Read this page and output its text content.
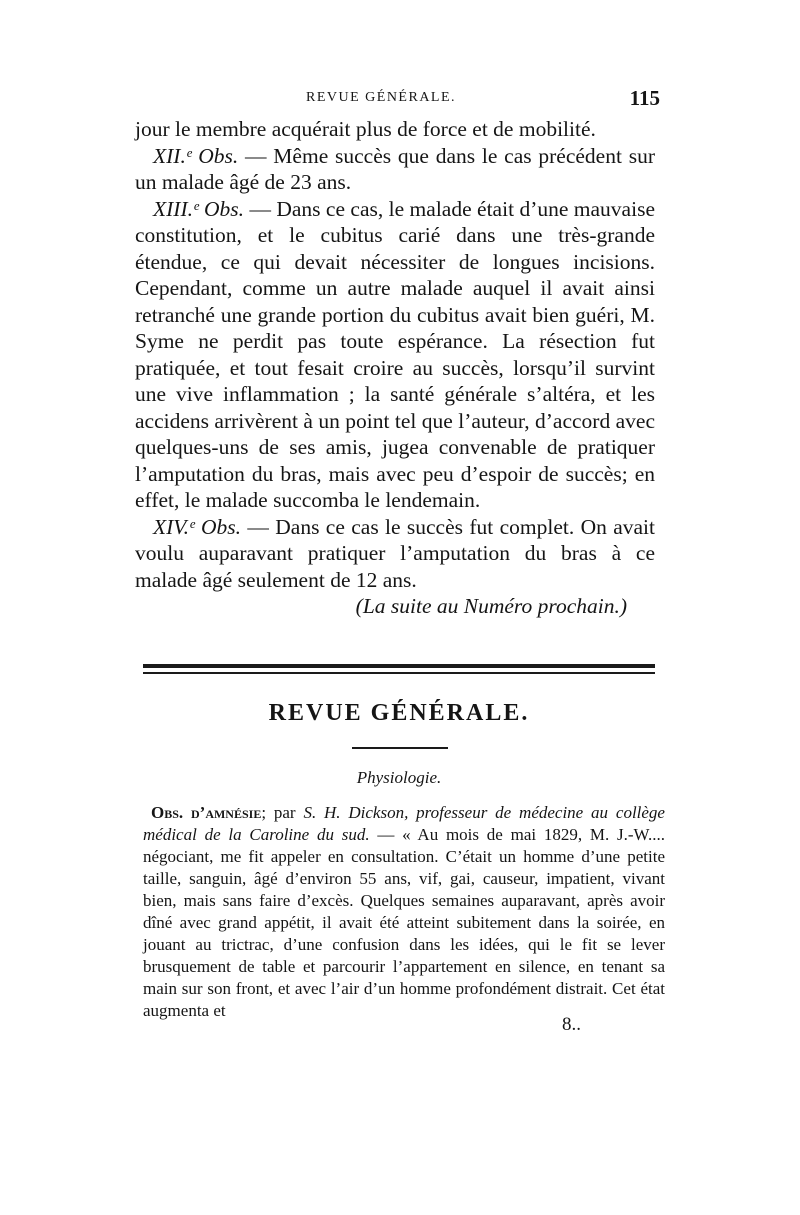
REVUE GÉNÉRALE.	115

jour le membre acquérait plus de force et de mobilité.

XII.ᵉ Obs. — Même succès que dans le cas précédent sur un malade âgé de 23 ans.

XIII.ᵉ Obs. — Dans ce cas, le malade était d’une mauvaise constitution, et le cubitus carié dans une très-grande étendue, ce qui devait nécessiter de longues incisions. Cependant, comme un autre malade auquel il avait ainsi retranché une grande portion du cubitus avait bien guéri, M. Syme ne perdit pas toute espérance. La résection fut pratiquée, et tout fesait croire au succès, lorsqu’il survint une vive inflammation ; la santé générale s’altéra, et les accidens arrivèrent à un point tel que l’auteur, d’accord avec quelques-uns de ses amis, jugea convenable de pratiquer l’amputation du bras, mais avec peu d’espoir de succès; en effet, le malade succomba le lendemain.

XIV.ᵉ Obs. — Dans ce cas le succès fut complet. On avait voulu auparavant pratiquer l’amputation du bras à ce malade âgé seulement de 12 ans.

(La suite au Numéro prochain.)

REVUE GÉNÉRALE.
Physiologie.

Obs. d’amnésie; par S. H. Dickson, professeur de médecine au collège médical de la Caroline du sud. — « Au mois de mai 1829, M. J.-W.... négociant, me fit appeler en consultation. C’était un homme d’une petite taille, sanguin, âgé d’environ 55 ans, vif, gai, causeur, impatient, vivant bien, mais sans faire d’excès. Quelques semaines auparavant, après avoir dîné avec grand appétit, il avait été atteint subitement dans la soirée, en jouant au trictrac, d’une confusion dans les idées, qui le fit se lever brusquement de table et parcourir l’appartement en silence, en tenant sa main sur son front, et avec l’air d’un homme profondément distrait. Cet état augmenta et

8..
